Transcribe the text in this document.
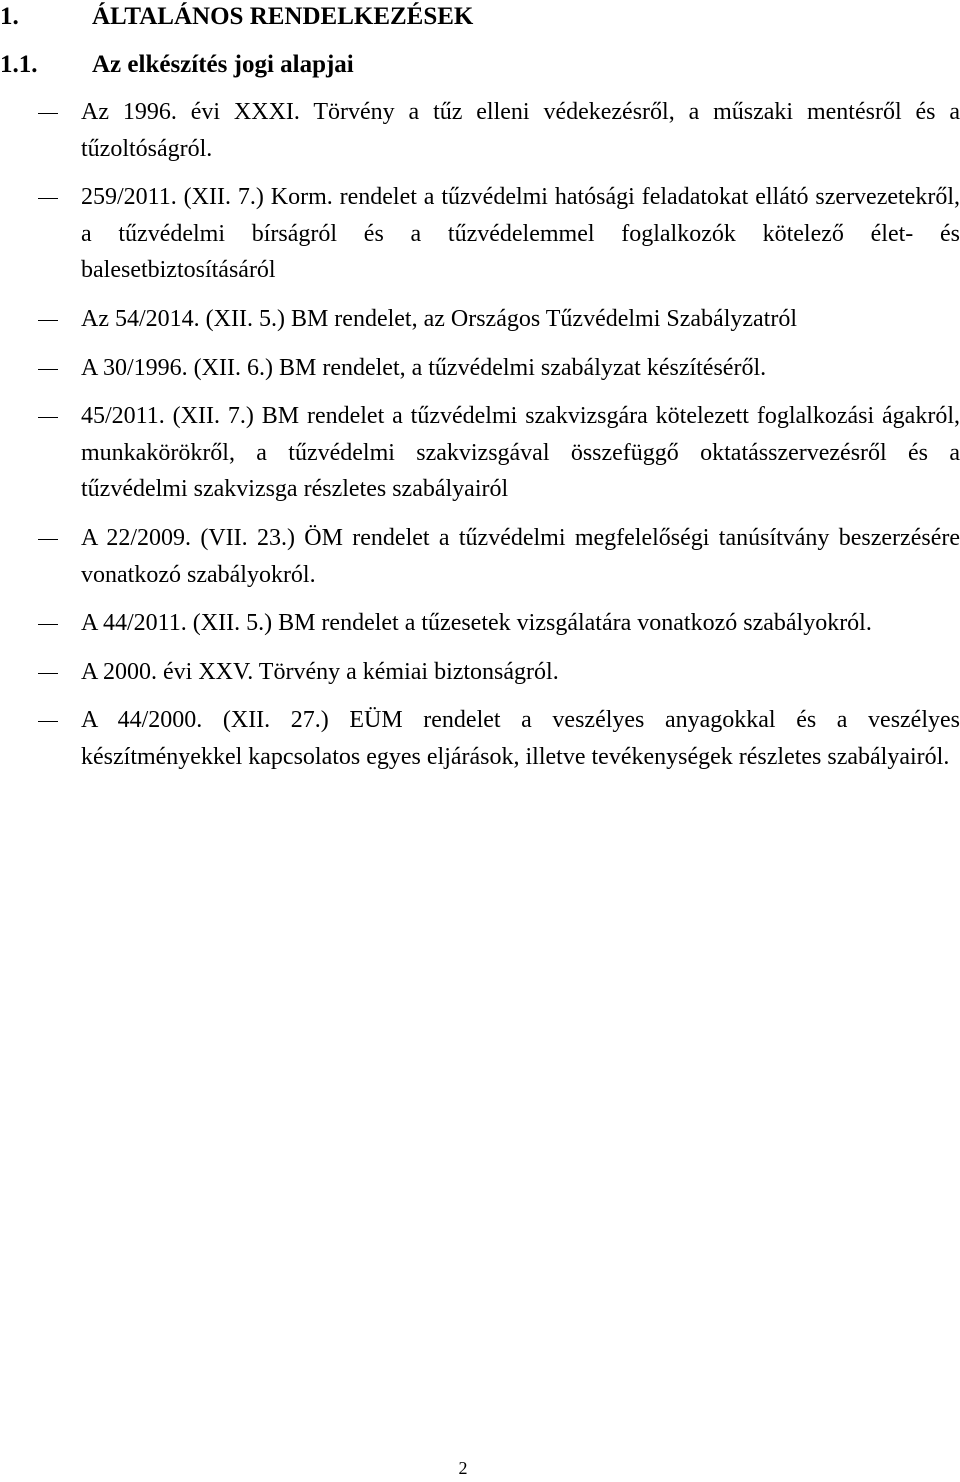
1.	ÁLTALÁNOS RENDELKEZÉSEK
1.1. Az elkészítés jogi alapjai
Az 1996. évi XXXI. Törvény a tűz elleni védekezésről, a műszaki mentésről és a tűzoltóságról.
259/2011. (XII. 7.) Korm. rendelet a tűzvédelmi hatósági feladatokat ellátó szervezetekről, a tűzvédelmi bírságról és a tűzvédelemmel foglalkozók kötelező élet- és balesetbiztosításáról
Az 54/2014. (XII. 5.) BM rendelet, az Országos Tűzvédelmi Szabályzatról
A 30/1996. (XII. 6.) BM rendelet, a tűzvédelmi szabályzat készítéséről.
45/2011. (XII. 7.) BM rendelet a tűzvédelmi szakvizsgára kötelezett foglalkozási ágakról, munkakörökről, a tűzvédelmi szakvizsgával összefüggő oktatásszervezésről és a tűzvédelmi szakvizsga részletes szabályairól
A 22/2009. (VII. 23.) ÖM rendelet a tűzvédelmi megfelelőségi tanúsítvány beszerzésére vonatkozó szabályokról.
A 44/2011. (XII. 5.) BM rendelet a tűzesetek vizsgálatára vonatkozó szabályokról.
A 2000. évi XXV. Törvény a kémiai biztonságról.
A 44/2000. (XII. 27.) EÜM rendelet a veszélyes anyagokkal és a veszélyes készítményekkel kapcsolatos egyes eljárások, illetve tevékenységek részletes szabályairól.
2
